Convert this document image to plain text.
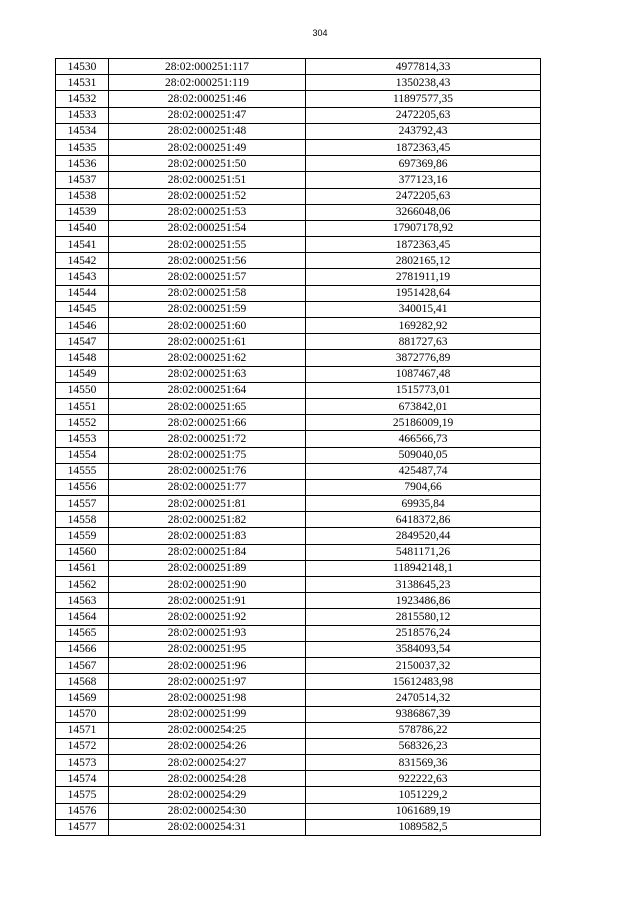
304
14530	28:02:000251:117	4977814,33
14531	28:02:000251:119	1350238,43
14532	28:02:000251:46	11897577,35
14533	28:02:000251:47	2472205,63
14534	28:02:000251:48	243792,43
14535	28:02:000251:49	1872363,45
14536	28:02:000251:50	697369,86
14537	28:02:000251:51	377123,16
14538	28:02:000251:52	2472205,63
14539	28:02:000251:53	3266048,06
14540	28:02:000251:54	17907178,92
14541	28:02:000251:55	1872363,45
14542	28:02:000251:56	2802165,12
14543	28:02:000251:57	2781911,19
14544	28:02:000251:58	1951428,64
14545	28:02:000251:59	340015,41
14546	28:02:000251:60	169282,92
14547	28:02:000251:61	881727,63
14548	28:02:000251:62	3872776,89
14549	28:02:000251:63	1087467,48
14550	28:02:000251:64	1515773,01
14551	28:02:000251:65	673842,01
14552	28:02:000251:66	25186009,19
14553	28:02:000251:72	466566,73
14554	28:02:000251:75	509040,05
14555	28:02:000251:76	425487,74
14556	28:02:000251:77	7904,66
14557	28:02:000251:81	69935,84
14558	28:02:000251:82	6418372,86
14559	28:02:000251:83	2849520,44
14560	28:02:000251:84	5481171,26
14561	28:02:000251:89	118942148,1
14562	28:02:000251:90	3138645,23
14563	28:02:000251:91	1923486,86
14564	28:02:000251:92	2815580,12
14565	28:02:000251:93	2518576,24
14566	28:02:000251:95	3584093,54
14567	28:02:000251:96	2150037,32
14568	28:02:000251:97	15612483,98
14569	28:02:000251:98	2470514,32
14570	28:02:000251:99	9386867,39
14571	28:02:000254:25	578786,22
14572	28:02:000254:26	568326,23
14573	28:02:000254:27	831569,36
14574	28:02:000254:28	922222,63
14575	28:02:000254:29	1051229,2
14576	28:02:000254:30	1061689,19
14577	28:02:000254:31	1089582,5
